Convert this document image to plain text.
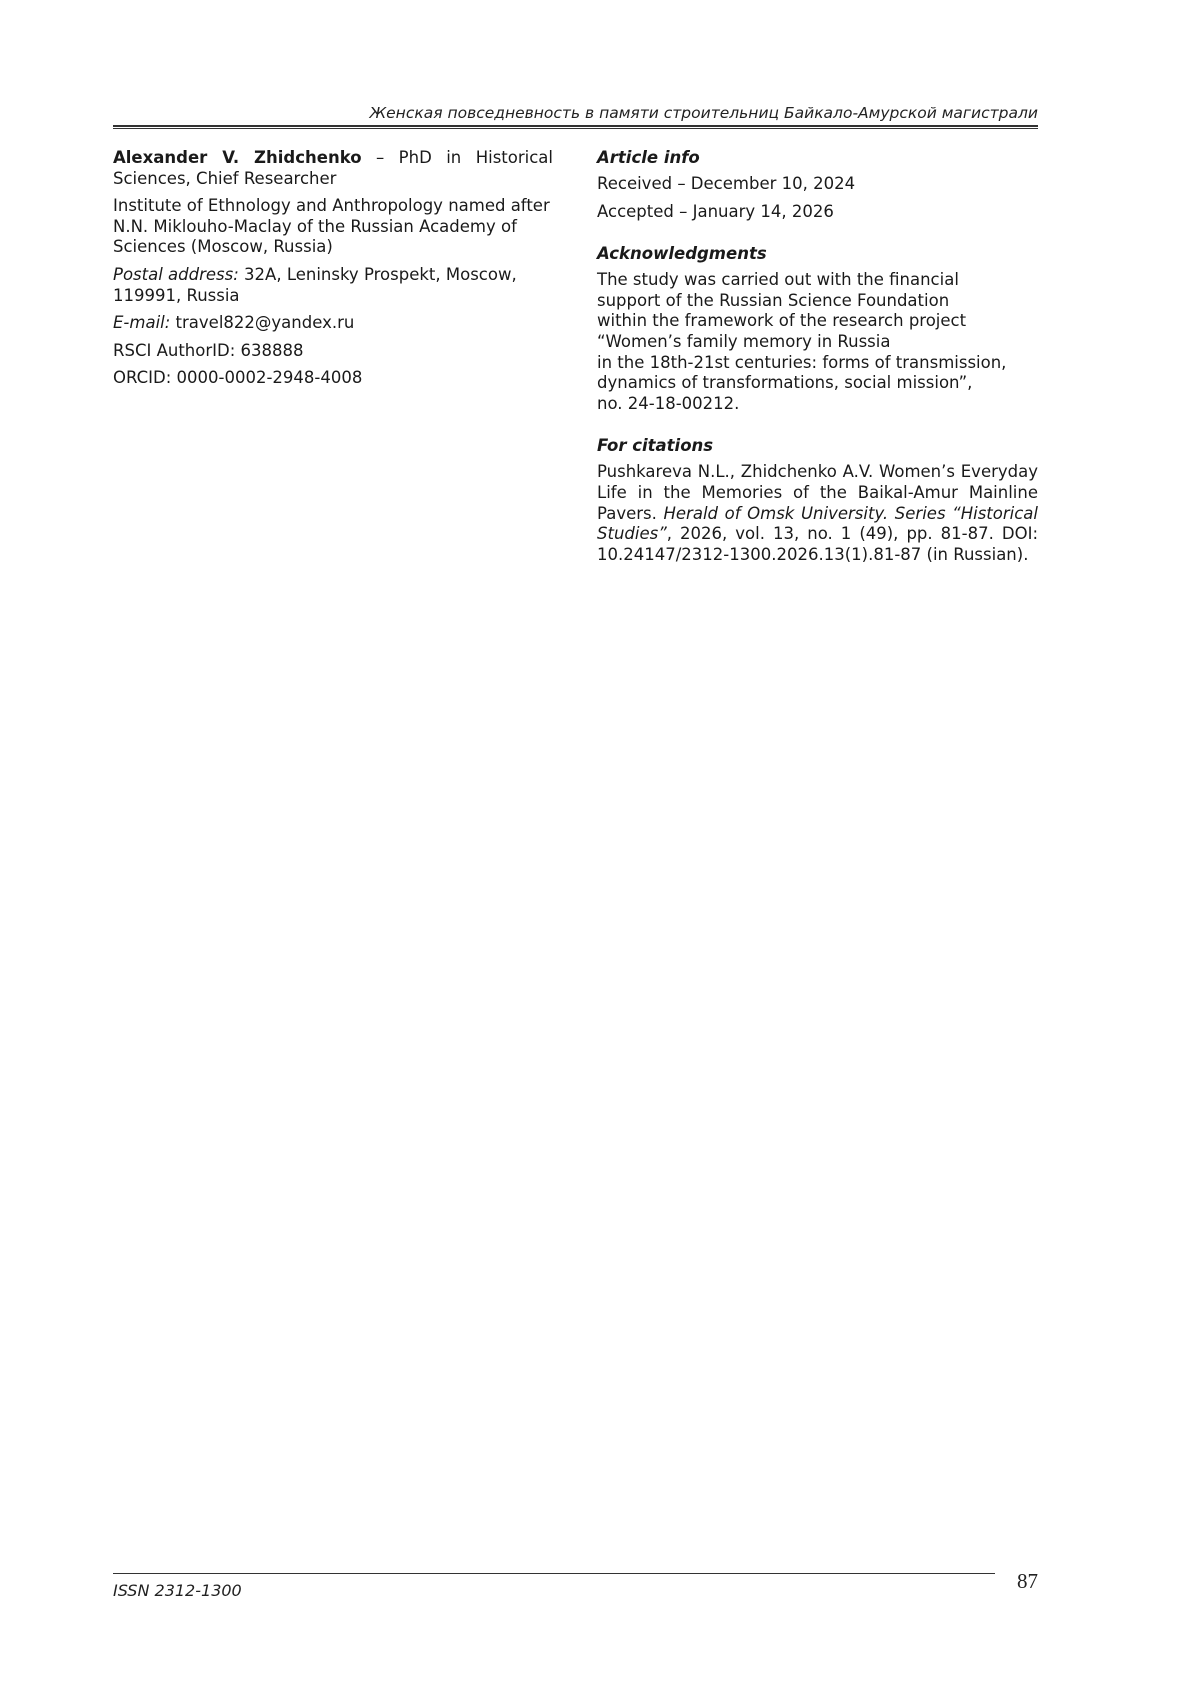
Женская повседневность в памяти строительниц Байкало-Амурской магистрали

Alexander V. Zhidchenko – PhD in Historical Sciences, Chief Researcher

Institute of Ethnology and Anthropology named after N.N. Miklouho-Maclay of the Russian Academy of Sciences (Moscow, Russia)

Postal address: 32A, Leninsky Prospekt, Moscow, 119991, Russia

E-mail: travel822@yandex.ru

RSCI AuthorID: 638888

ORCID: 0000-0002-2948-4008

Article info

Received – December 10, 2024

Accepted – January 14, 2026

Acknowledgments

The study was carried out with the financial
support of the Russian Science Foundation
within the framework of the research project
“Women’s family memory in Russia
in the 18th-21st centuries: forms of transmission,
dynamics of transformations, social mission”,
no. 24-18-00212.

For citations

Pushkareva N.L., Zhidchenko A.V. Women’s Everyday Life in the Memories of the Baikal-Amur Mainline Pavers. Herald of Omsk University. Series “Historical Studies”, 2026, vol. 13, no. 1 (49), pp. 81-87. DOI: 10.24147/2312-1300.2026.13(1).81-87 (in Russian).

ISSN 2312-1300	87
